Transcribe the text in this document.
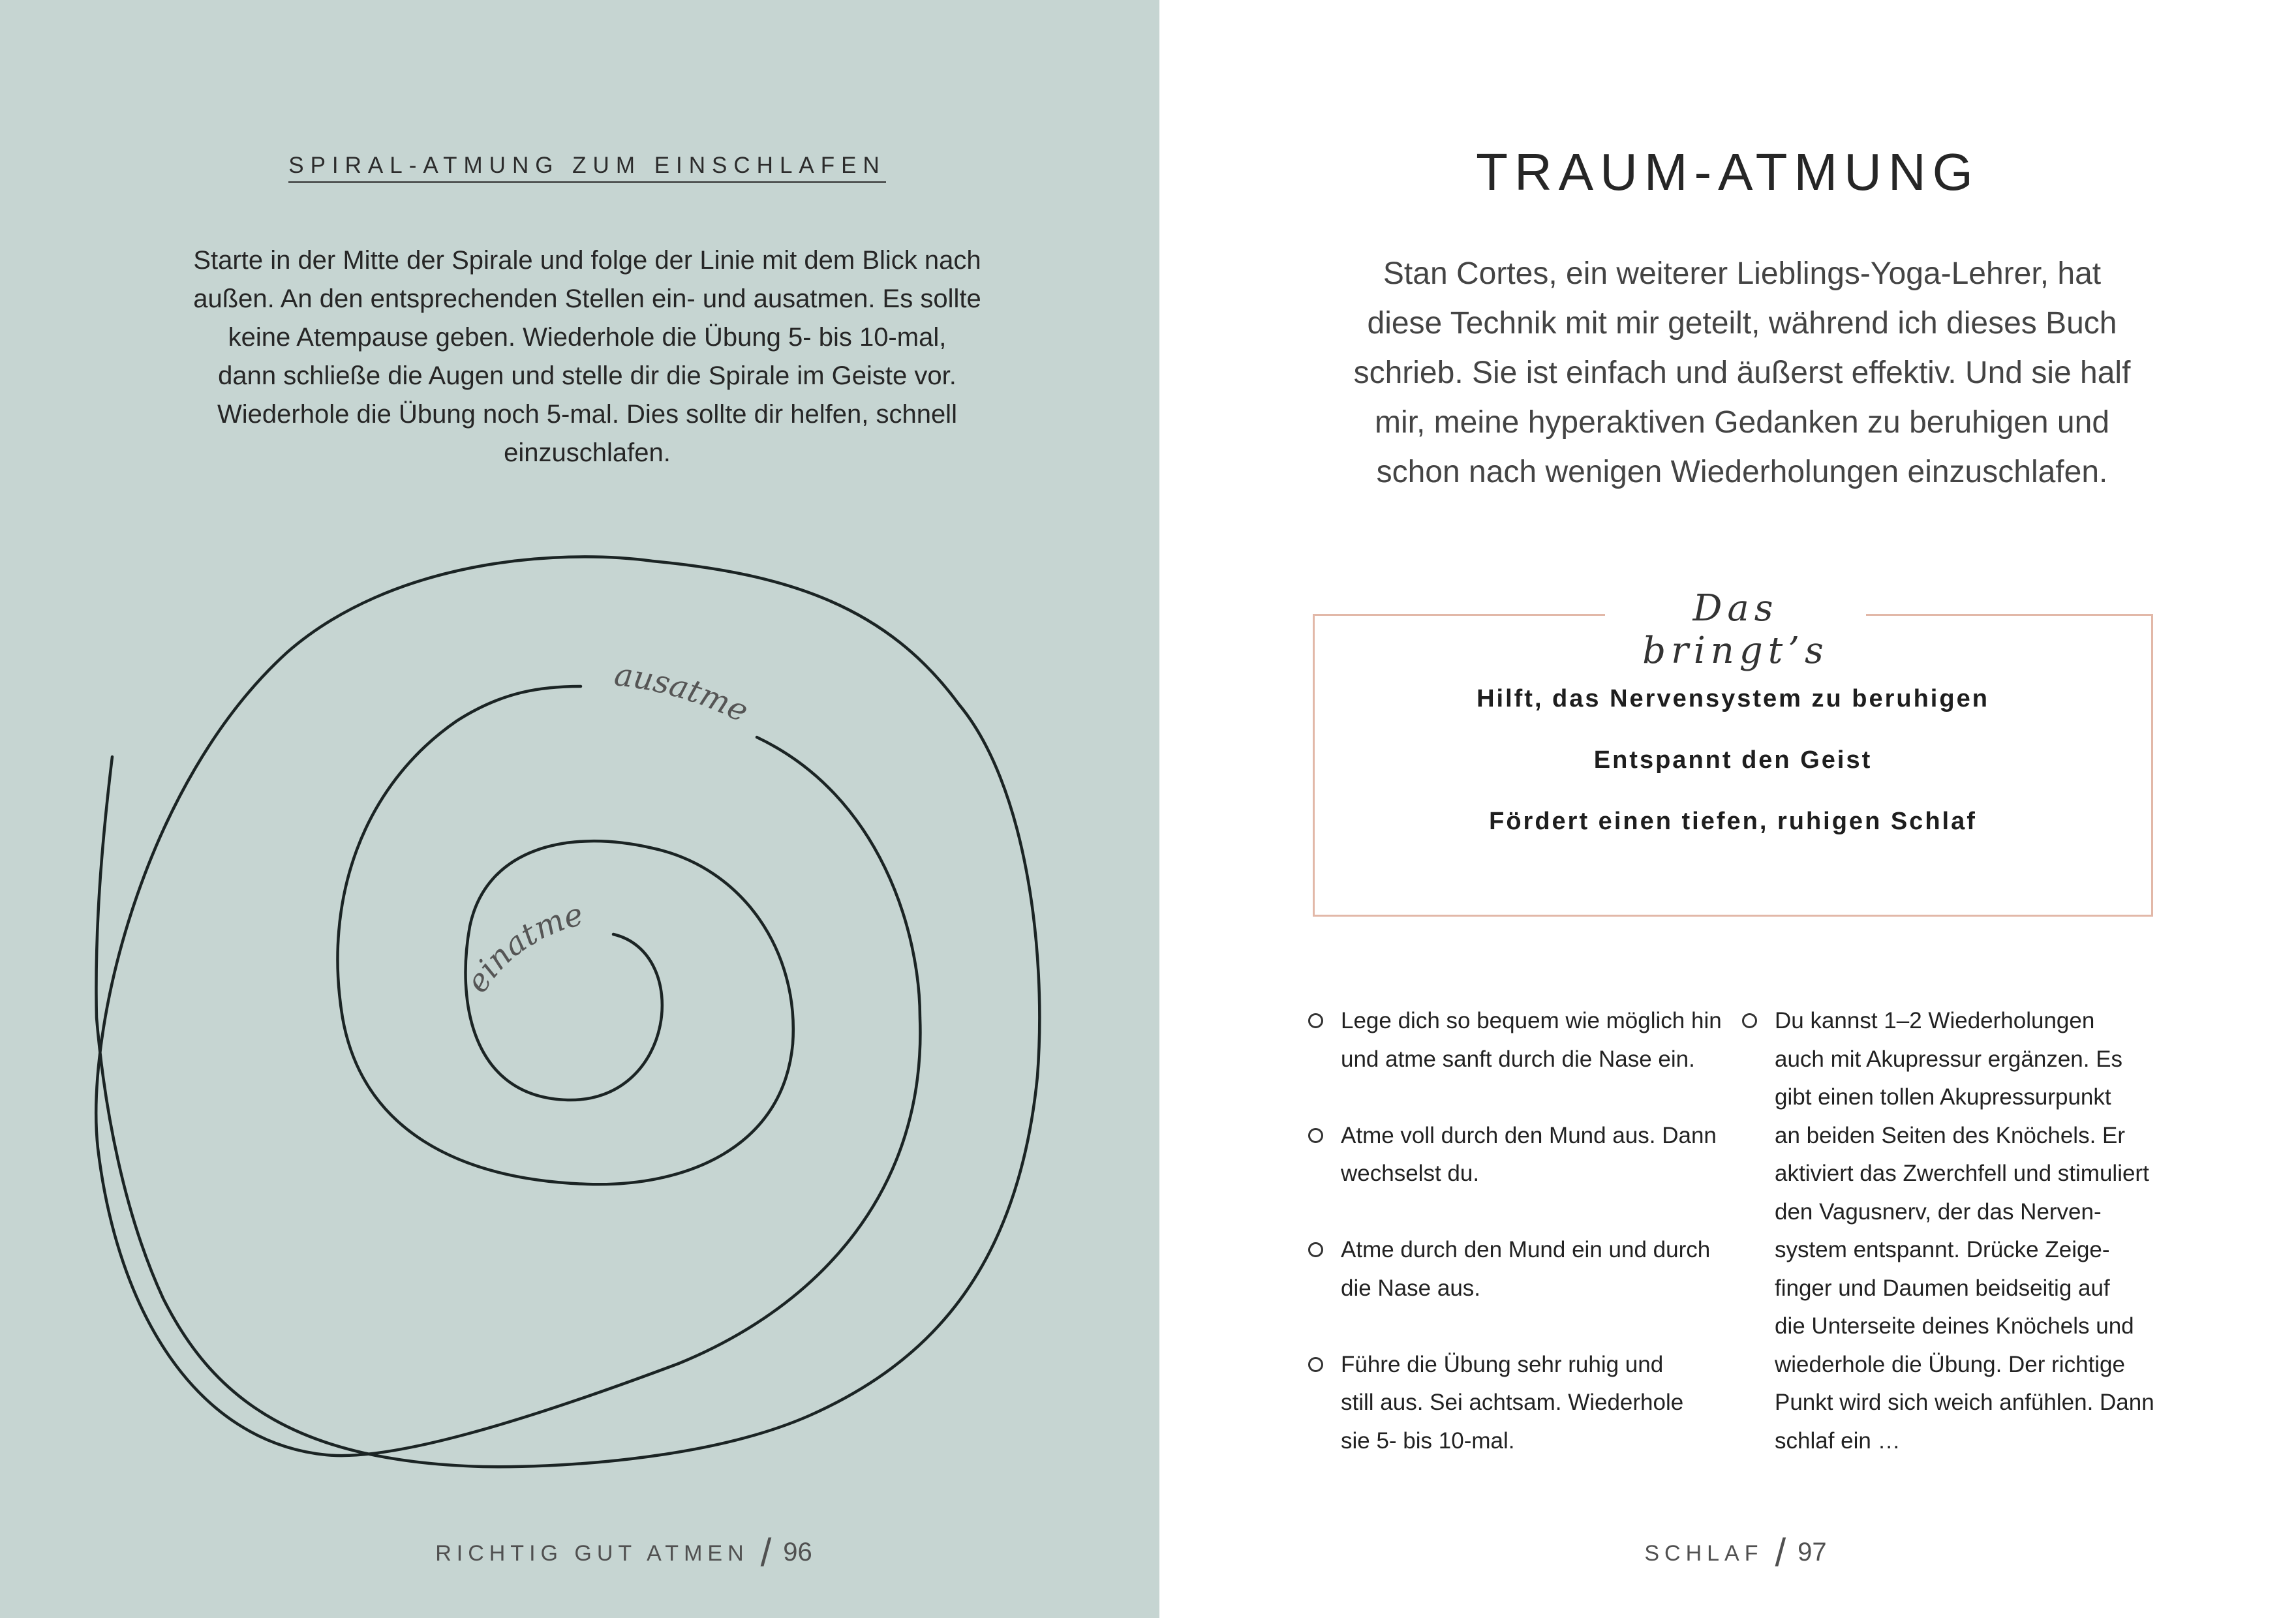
SPIRAL-ATMUNG ZUM EINSCHLAFEN

Starte in der Mitte der Spirale und folge der Linie mit dem Blick nach
außen. An den entsprechenden Stellen ein- und ausatmen. Es sollte
keine Atempause geben. Wiederhole die Übung 5- bis 10-mal,
dann schließe die Augen und stelle dir die Spirale im Geiste vor.
Wiederhole die Übung noch 5-mal. Dies sollte dir helfen, schnell
einzuschlafen.

ausatme
einatme
RICHTIG GUT ATMEN / 96
TRAUM-ATMUNG

Stan Cortes, ein weiterer Lieblings-Yoga-Lehrer, hat
diese Technik mit mir geteilt, während ich dieses Buch
schrieb. Sie ist einfach und äußerst effektiv. Und sie half
mir, meine hyperaktiven Gedanken zu beruhigen und
schon nach wenigen Wiederholungen einzuschlafen.

Das bringt’s
Hilft, das Nervensystem zu beruhigen
Entspannt den Geist
Fördert einen tiefen, ruhigen Schlaf
Lege dich so bequem wie möglich hin
und atme sanft durch die Nase ein.
Atme voll durch den Mund aus. Dann
wechselst du.
Atme durch den Mund ein und durch
die Nase aus.
Führe die Übung sehr ruhig und
still aus. Sei achtsam. Wiederhole
sie 5- bis 10-mal.
Du kannst 1–2 Wiederholungen
auch mit Akupressur ergänzen. Es
gibt einen tollen Akupressurpunkt
an beiden Seiten des Knöchels. Er
aktiviert das Zwerchfell und stimuliert
den Vagusnerv, der das Nerven-
system entspannt. Drücke Zeige-
finger und Daumen beidseitig auf
die Unterseite deines Knöchels und
wiederhole die Übung. Der richtige
Punkt wird sich weich anfühlen. Dann
schlaf ein …
SCHLAF / 97
